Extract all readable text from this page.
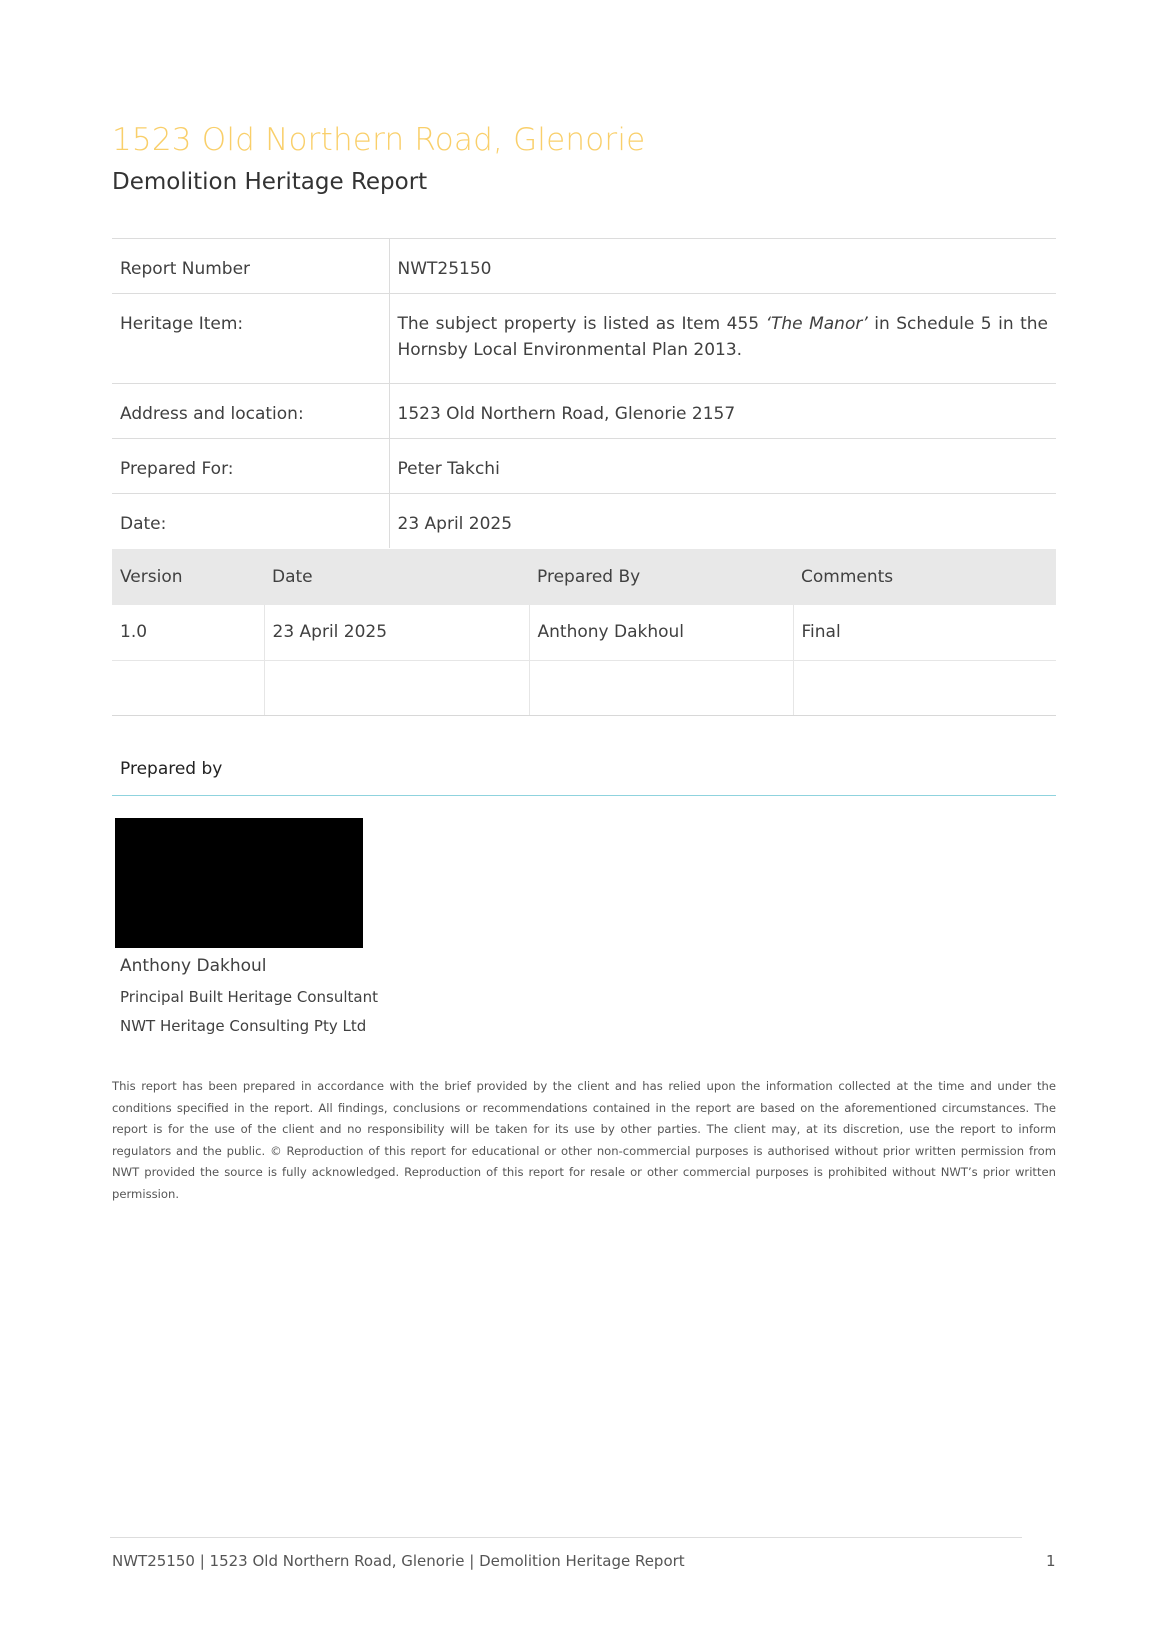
1523 Old Northern Road, Glenorie
Demolition Heritage Report
Report Number	NWT25150
Heritage Item:	The subject property is listed as Item 455 ‘The Manor’ in Schedule 5 in the Hornsby Local Environmental Plan 2013.

Address and location:	1523 Old Northern Road, Glenorie 2157
Prepared For:	Peter Takchi
Date:	23 April 2025
Version	Date	Prepared By	Comments
1.0	23 April 2025	Anthony Dakhoul	Final

Prepared by
Anthony Dakhoul
Principal Built Heritage Consultant
NWT Heritage Consulting Pty Ltd
This report has been prepared in accordance with the brief provided by the client and has relied upon the information collected at the time and under the conditions specified in the report. All findings, conclusions or recommendations contained in the report are based on the aforementioned circumstances. The report is for the use of the client and no responsibility will be taken for its use by other parties. The client may, at its discretion, use the report to inform regulators and the public. © Reproduction of this report for educational or other non-commercial purposes is authorised without prior written permission from NWT provided the source is fully acknowledged. Reproduction of this report for resale or other commercial purposes is prohibited without NWT’s prior written permission.
NWT25150 | 1523 Old Northern Road, Glenorie | Demolition Heritage Report	1
